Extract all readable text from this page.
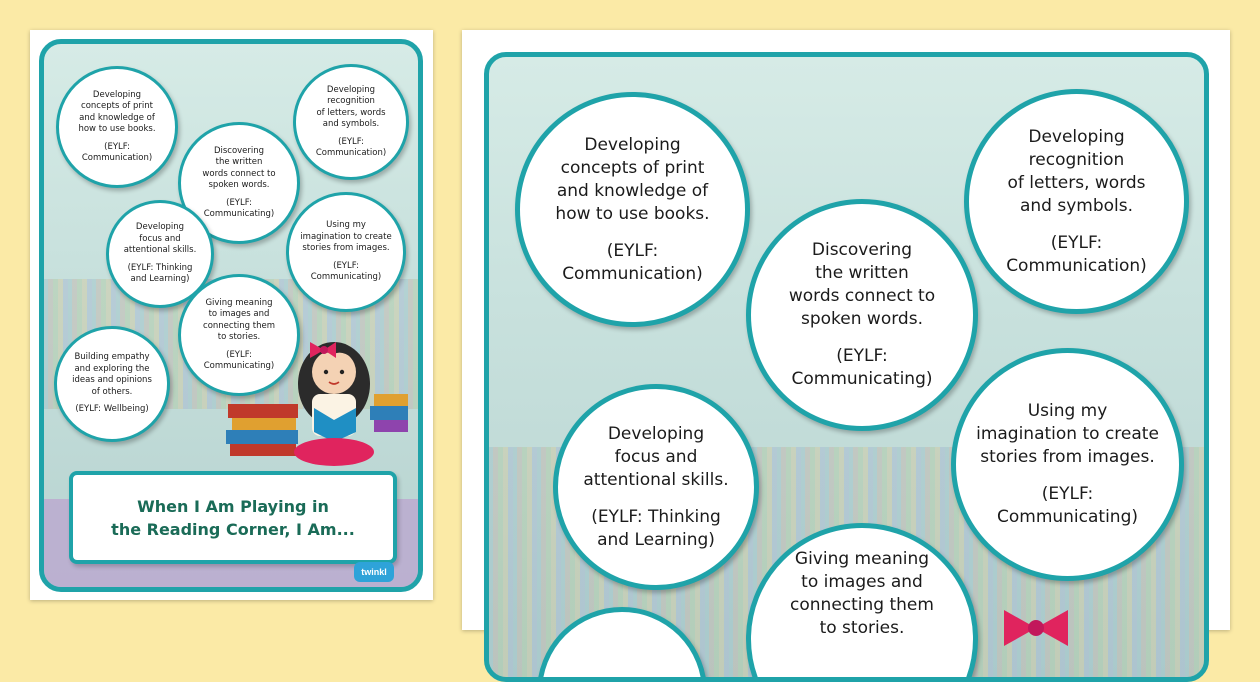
Developing
concepts of print
and knowledge of
how to use books.
(EYLF:
Communication)
Discovering
the written
words connect to
spoken words.
(EYLF:
Communicating)
Developing
recognition
of letters, words
and symbols.
(EYLF:
Communication)
Developing
focus and
attentional skills.
(EYLF: Thinking
and Learning)
Using my
imagination to create
stories from images.
(EYLF:
Communicating)
Giving meaning
to images and
connecting them
to stories.
(EYLF:
Communicating)
Building empathy
and exploring the
ideas and opinions
of others.
(EYLF: Wellbeing)
When I Am Playing in
the Reading Corner, I Am...
twinkl
Developing
concepts of print
and knowledge of
how to use books.
(EYLF:
Communication)
Discovering
the written
words connect to
spoken words.
(EYLF:
Communicating)
Developing
recognition
of letters, words
and symbols.
(EYLF:
Communication)
Developing
focus and
attentional skills.
(EYLF: Thinking
and Learning)
Using my
imagination to create
stories from images.
(EYLF:
Communicating)
Giving meaning
to images and
connecting them
to stories.
